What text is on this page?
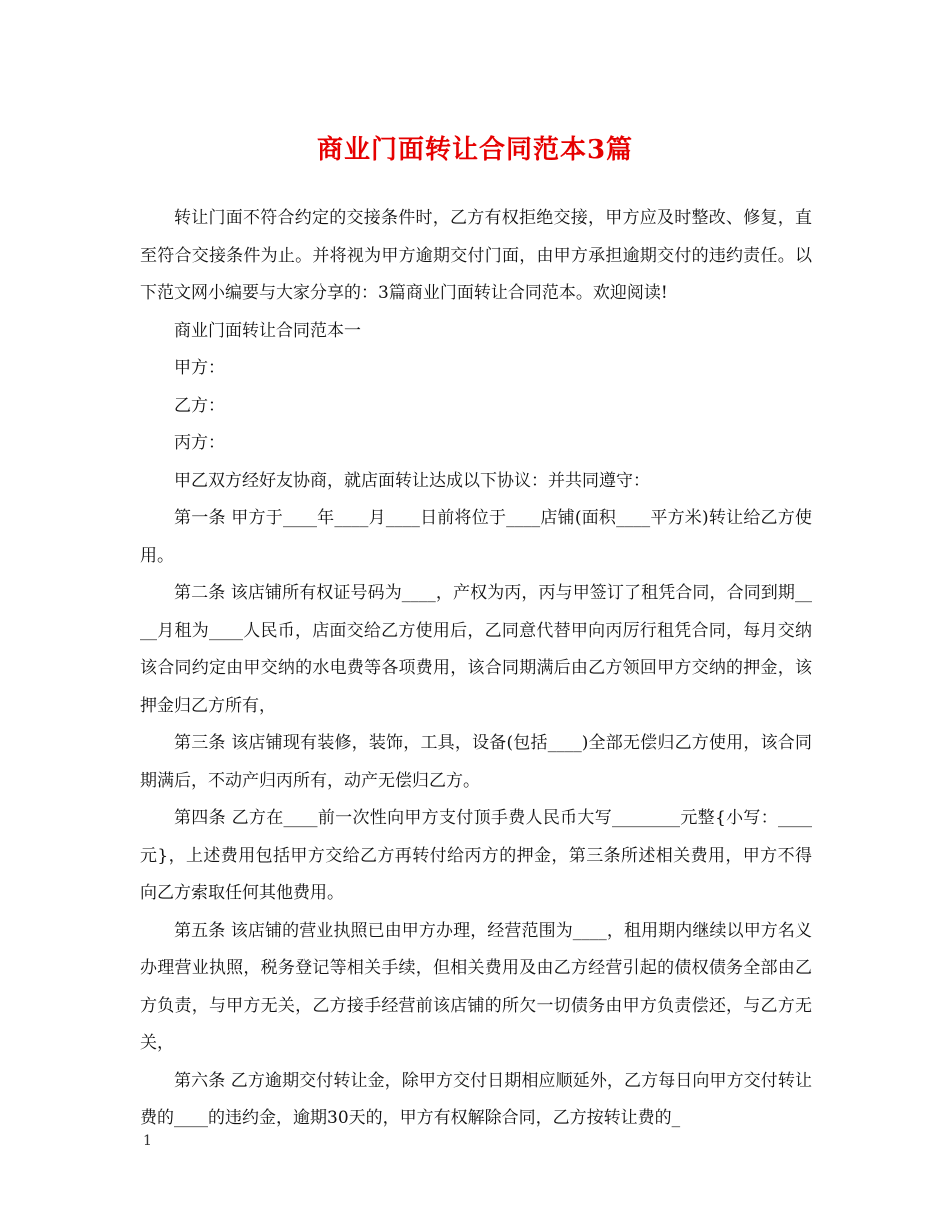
商业门面转让合同范本3篇

转让门面不符合约定的交接条件时，乙方有权拒绝交接，甲方应及时整改、修复，直至符合交接条件为止。并将视为甲方逾期交付门面，由甲方承担逾期交付的违约责任。以下范文网小编要与大家分享的：3篇商业门面转让合同范本。欢迎阅读!

商业门面转让合同范本一

甲方：

乙方：

丙方：

甲乙双方经好友协商，就店面转让达成以下协议：并共同遵守：

第一条 甲方于____年____月____日前将位于____店铺(面积____平方米)转让给乙方使用。

第二条 该店铺所有权证号码为____，产权为丙，丙与甲签订了租凭合同，合同到期____月租为____人民币，店面交给乙方使用后，乙同意代替甲向丙厉行租凭合同，每月交纳该合同约定由甲交纳的水电费等各项费用，该合同期满后由乙方领回甲方交纳的押金，该押金归乙方所有，

第三条 该店铺现有装修，装饰，工具，设备(包括____)全部无偿归乙方使用，该合同期满后，不动产归丙所有，动产无偿归乙方。

第四条 乙方在____前一次性向甲方支付顶手费人民币大写________元整{小写：____元}，上述费用包括甲方交给乙方再转付给丙方的押金，第三条所述相关费用，甲方不得向乙方索取任何其他费用。

第五条 该店铺的营业执照已由甲方办理，经营范围为____，租用期内继续以甲方名义办理营业执照，税务登记等相关手续，但相关费用及由乙方经营引起的债权债务全部由乙方负责，与甲方无关，乙方接手经营前该店铺的所欠一切债务由甲方负责偿还，与乙方无关，

第六条 乙方逾期交付转让金，除甲方交付日期相应顺延外，乙方每日向甲方交付转让费的____的违约金，逾期30天的，甲方有权解除合同，乙方按转让费的_

1
